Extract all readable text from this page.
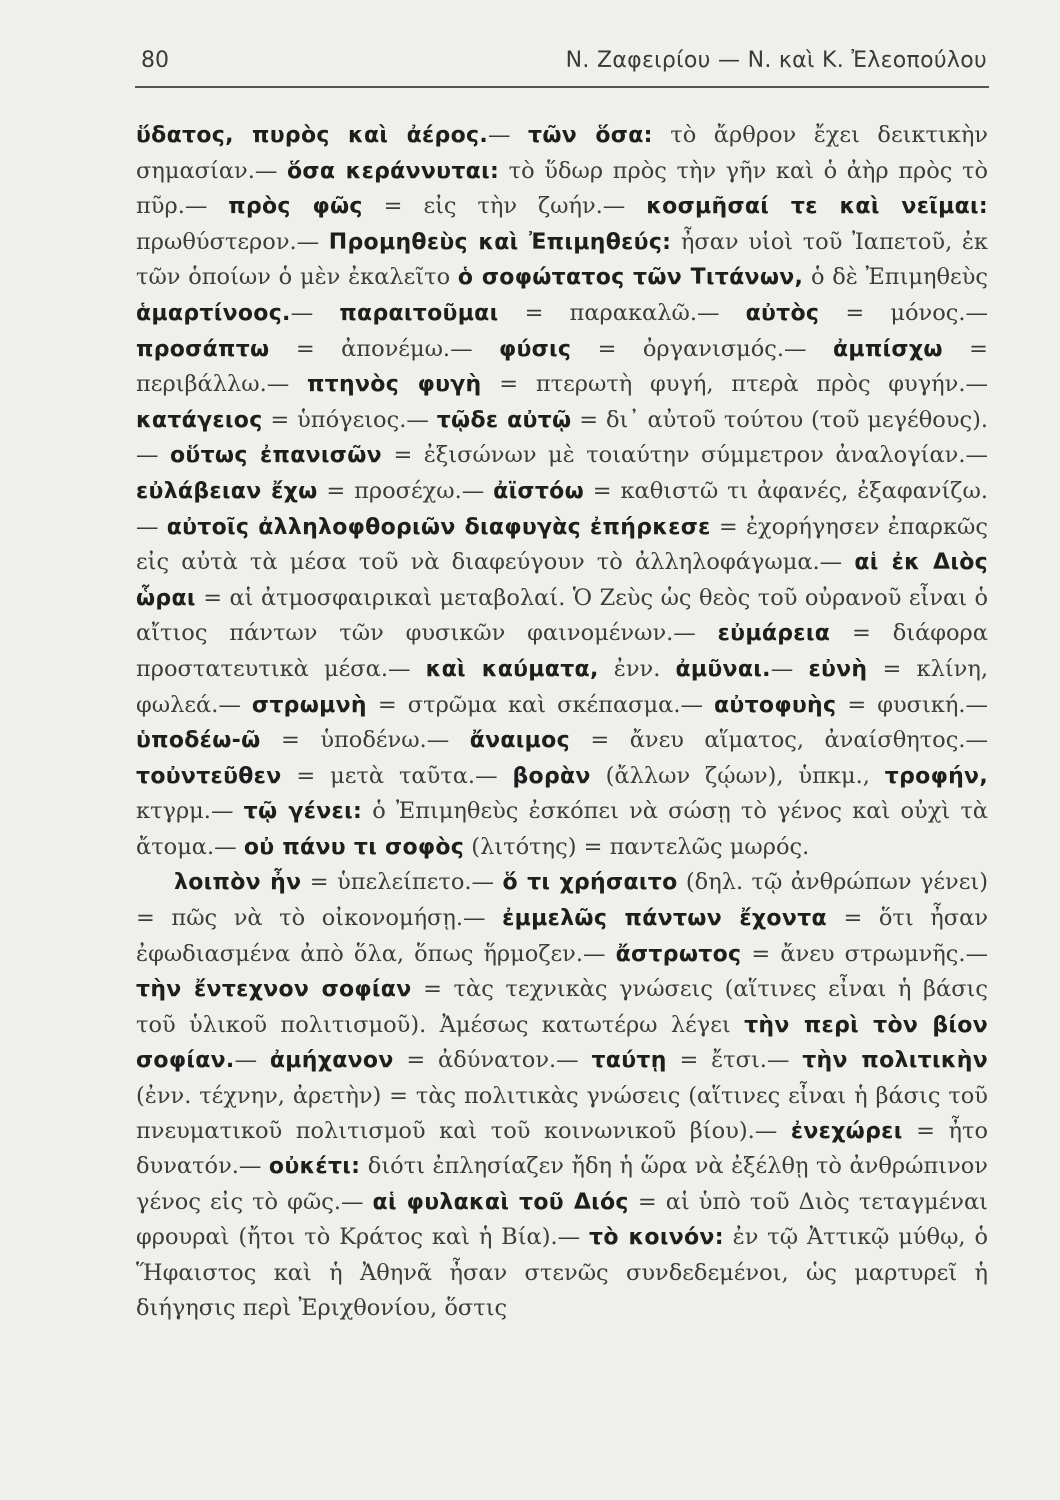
80	Ν. Ζαφειρίου — Ν. καὶ Κ. Ἐλεοπούλου

ὕδατος, πυρὸς καὶ ἀέρος.— τῶν ὅσα: τὸ ἄρθρον ἔχει δεικτικὴν σημασίαν.— ὅσα κεράννυται: τὸ ὕδωρ πρὸς τὴν γῆν καὶ ὁ ἀὴρ πρὸς τὸ πῦρ.— πρὸς φῶς = εἰς τὴν ζωήν.— κοσμῆσαί τε καὶ νεῖμαι: πρωθύστερον.— Προμηθεὺς καὶ Ἐπιμηθεύς: ἦσαν υἱοὶ τοῦ Ἰαπετοῦ, ἐκ τῶν ὁποίων ὁ μὲν ἐκαλεῖτο ὁ σοφώτατος τῶν Τιτάνων, ὁ δὲ Ἐπιμηθεὺς ἁμαρτίνοος.— παραιτοῦμαι = παρακαλῶ.— αὐτὸς = μόνος.— προσάπτω = ἀπονέμω.— φύσις = ὀργανισμός.— ἀμπίσχω = περιβάλλω.— πτηνὸς φυγὴ = πτερωτὴ φυγή, πτερὰ πρὸς φυγήν.— κατάγειος = ὑπόγειος.— τῷδε αὐτῷ = δι᾽ αὐτοῦ τούτου (τοῦ μεγέθους).— οὕτως ἐπανισῶν = ἐξισώνων μὲ τοιαύτην σύμμετρον ἀναλογίαν.— εὐλάβειαν ἔχω = προσέχω.— ἀϊστόω = καθιστῶ τι ἀφανές, ἐξαφανίζω.— αὐτοῖς ἀλληλοφθοριῶν διαφυγὰς ἐπήρκεσε = ἐχορήγησεν ἐπαρκῶς εἰς αὐτὰ τὰ μέσα τοῦ νὰ διαφεύγουν τὸ ἀλληλοφάγωμα.— αἱ ἐκ Διὸς ὧραι = αἱ ἀτμοσφαιρικαὶ μεταβολαί. Ὁ Ζεὺς ὡς θεὸς τοῦ οὐρανοῦ εἶναι ὁ αἴτιος πάντων τῶν φυσικῶν φαινομένων.— εὐμάρεια = διάφορα προστατευτικὰ μέσα.— καὶ καύματα, ἐνν. ἀμῦναι.— εὐνὴ = κλίνη, φωλεά.— στρωμνὴ = στρῶμα καὶ σκέπασμα.— αὐτοφυὴς = φυσική.— ὑποδέω-ῶ = ὑποδένω.— ἄναιμος = ἄνευ αἵματος, ἀναίσθητος.— τοὐντεῦθεν = μετὰ ταῦτα.— βορὰν (ἄλλων ζῴων), ὑπκμ., τροφήν, κτγρμ.— τῷ γένει: ὁ Ἐπιμηθεὺς ἐσκόπει νὰ σώσῃ τὸ γένος καὶ οὐχὶ τὰ ἄτομα.— οὐ πάνυ τι σοφὸς (λιτότης) = παντελῶς μωρός.

λοιπὸν ἦν = ὑπελείπετο.— ὅ τι χρήσαιτο (δηλ. τῷ ἀνθρώπων γένει) = πῶς νὰ τὸ οἰκονομήσῃ.— ἐμμελῶς πάντων ἔχοντα = ὅτι ἦσαν ἐφωδιασμένα ἀπὸ ὅλα, ὅπως ἥρμοζεν.— ἄστρωτος = ἄνευ στρωμνῆς.— τὴν ἔντεχνον σοφίαν = τὰς τεχνικὰς γνώσεις (αἵτινες εἶναι ἡ βάσις τοῦ ὑλικοῦ πολιτισμοῦ). Ἀμέσως κατωτέρω λέγει τὴν περὶ τὸν βίον σοφίαν.— ἀμήχανον = ἀδύνατον.— ταύτῃ = ἔτσι.— τὴν πολιτικὴν (ἐνν. τέχνην, ἀρετὴν) = τὰς πολιτικὰς γνώσεις (αἵτινες εἶναι ἡ βάσις τοῦ πνευματικοῦ πολιτισμοῦ καὶ τοῦ κοινωνικοῦ βίου).— ἐνεχώρει = ἦτο δυνατόν.— οὐκέτι: διότι ἐπλησίαζεν ἤδη ἡ ὥρα νὰ ἐξέλθῃ τὸ ἀνθρώπινον γένος εἰς τὸ φῶς.— αἱ φυλακαὶ τοῦ Διός = αἱ ὑπὸ τοῦ Διὸς τεταγμέναι φρουραὶ (ἤτοι τὸ Κράτος καὶ ἡ Βία).— τὸ κοινόν: ἐν τῷ Ἀττικῷ μύθῳ, ὁ Ἥφαιστος καὶ ἡ Ἀθηνᾶ ἦσαν στενῶς συνδεδεμένοι, ὡς μαρτυρεῖ ἡ διήγησις περὶ Ἐριχθονίου, ὅστις
